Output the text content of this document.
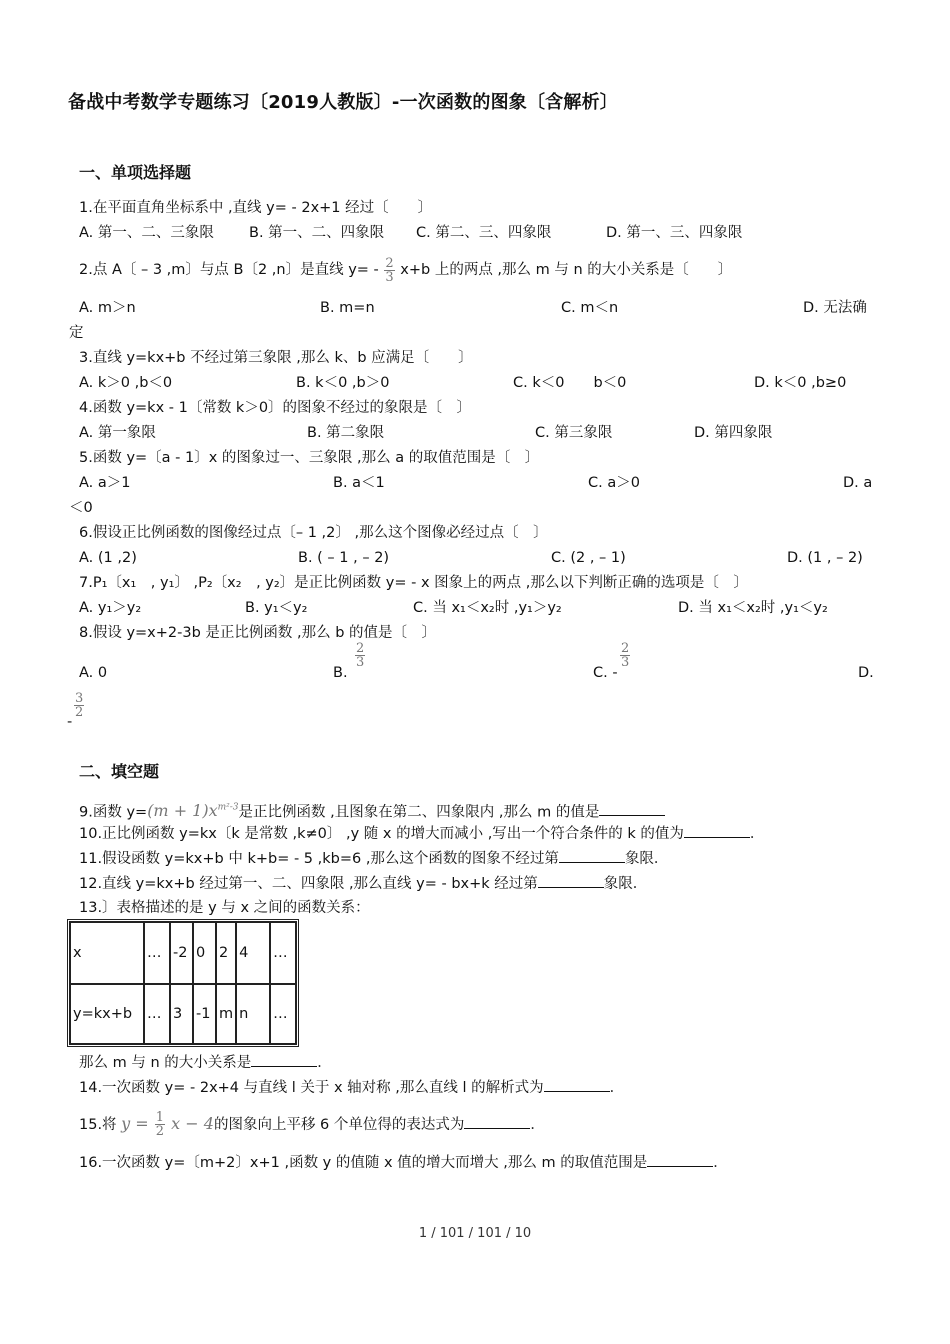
备战中考数学专题练习〔2019人教版〕-一次函数的图象〔含解析〕
一、单项选择题
1.在平面直角坐标系中 ,直线 y= - 2x+1 经过〔　　〕
A. 第一、二、三象限 B. 第一、二、四象限 C. 第二、三、四象限	D. 第一、三、四象限
2.点 A〔 – 3 ,m〕与点 B〔2 ,n〕是直线 $y= - \frac{2}{3} x+b$ 上的两点 ,那么 m 与 n 的大小关系是〔　　〕
A. m＞n	B. m=n	C. m＜n	D. 无法确
定
3.直线 y=kx+b 不经过第三象限 ,那么 k、b 应满足〔　　〕
A. k＞0 ,b＜0	B. k＜0 ,b＞0	C. k＜0　　b＜0	D. k＜0 ,b≥0
4.函数 y=kx - 1〔常数 k＞0〕的图象不经过的象限是〔　〕
A. 第一象限	B. 第二象限	C. 第三象限	D. 第四象限
5.函数 y=〔a - 1〕x 的图象过一、三象限 ,那么 a 的取值范围是〔　〕
A. a＞1	B. a＜1	C. a＞0	D. a
＜0
6.假设正比例函数的图像经过点〔– 1 ,2〕 ,那么这个图像必经过点〔　〕
A. (1 ,2)	B. ( – 1 , – 2)	C. (2 , – 1)	D. (1 , – 2)
7.P₁〔x₁　, y₁〕 ,P₂〔x₂　, y₂〕是正比例函数 y= - x 图象上的两点 ,那么以下判断正确的选项是〔　〕
A. y₁＞y₂	B. y₁＜y₂	C. 当 x₁＜x₂时 ,y₁＞y₂	D. 当 x₁＜x₂时 ,y₁＜y₂
8.假设 y=x+2-3b 是正比例函数 ,那么 b 的值是〔　〕
A. 0	B.
$\frac{2}{3}$
C. -
$\frac{2}{3}$
D.
-
$\frac{3}{2}$
二、填空题
9.函数 $y=(m + 1)x^{m^2-3}$是正比例函数 ,且图象在第二、四象限内 ,那么 m 的值是
10.正比例函数 y=kx〔k 是常数 ,k≠0〕 ,y 随 x 的增大而减小 ,写出一个符合条件的 k 的值为	．
11.假设函数 y=kx+b 中 k+b= - 5 ,kb=6 ,那么这个函数的图象不经过第	象限．
12.直线 y=kx+b 经过第一、二、四象限 ,那么直线 y= - bx+k 经过第	象限．
13.〕表格描述的是 y 与 x 之间的函数关系：
x	…	-2	0	2	4	…
y=kx+b	…	3	-1	m	n	…
那么 m 与 n 的大小关系是	．
14.一次函数 y= - 2x+4 与直线 l 关于 x 轴对称 ,那么直线 l 的解析式为	．
15.将 $y = \frac{1}{2}$ x − 4的图象向上平移 6 个单位得的表达式为	．
16.一次函数 y=〔m+2〕x+1 ,函数 y 的值随 x 值的增大而增大 ,那么 m 的取值范围是	．
1 / 101 / 101 / 10
